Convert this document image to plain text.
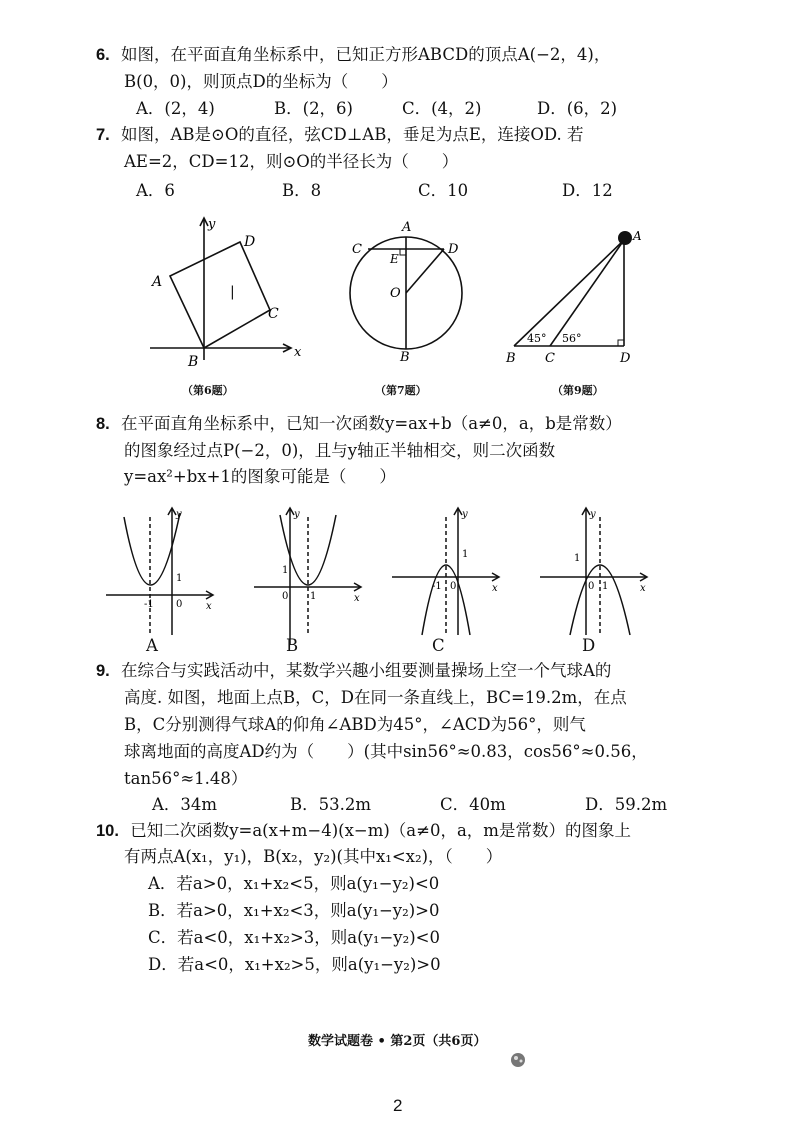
6. 如图，在平面直角坐标系中，已知正方形ABCD的顶点A(−2，4)，
B(0，0)，则顶点D的坐标为（　　）
A．(2，4)	B．(2，6)	C．(4，2)	D．(6，2)
7. 如图，AB是⊙O的直径，弦CD⊥AB，垂足为点E，连接OD. 若
AE=2，CD=12，则⊙O的半径长为（　　）
A．6	B．8	C．10	D．12
y
x
A
B
C
D
|
（第6题）
A
B
C	D
E
O
（第7题）
A
B C	D
45° 56°
（第9题）
8. 在平面直角坐标系中，已知一次函数y=ax+b（a≠0，a，b是常数）
的图象经过点P(−2，0)，且与y轴正半轴相交，则二次函数
y=ax²+bx+1的图象可能是（　　）
y
x
1
-1 0
A
y
x
1
1
0
B
y
x
1
-1 0
C
y
x
1
1
0
D
9. 在综合与实践活动中，某数学兴趣小组要测量操场上空一个气球A的
高度. 如图，地面上点B，C，D在同一条直线上，BC=19.2m，在点
B，C分别测得气球A的仰角∠ABD为45°，∠ACD为56°，则气
球离地面的高度AD约为（　　）(其中sin56°≈0.83，cos56°≈0.56，
tan56°≈1.48）
A．34m	B．53.2m	C．40m	D．59.2m
10. 已知二次函数y=a(x+m−4)(x−m)（a≠0，a，m是常数）的图象上
有两点A(x₁，y₁)，B(x₂，y₂)(其中x₁<x₂)，（　　）
A．若a>0，x₁+x₂<5，则a(y₁−y₂)<0
B．若a>0，x₁+x₂<3，则a(y₁−y₂)>0
C．若a<0，x₁+x₂>3，则a(y₁−y₂)<0
D．若a<0，x₁+x₂>5，则a(y₁−y₂)>0
数学试题卷 • 第2页（共6页）
2
